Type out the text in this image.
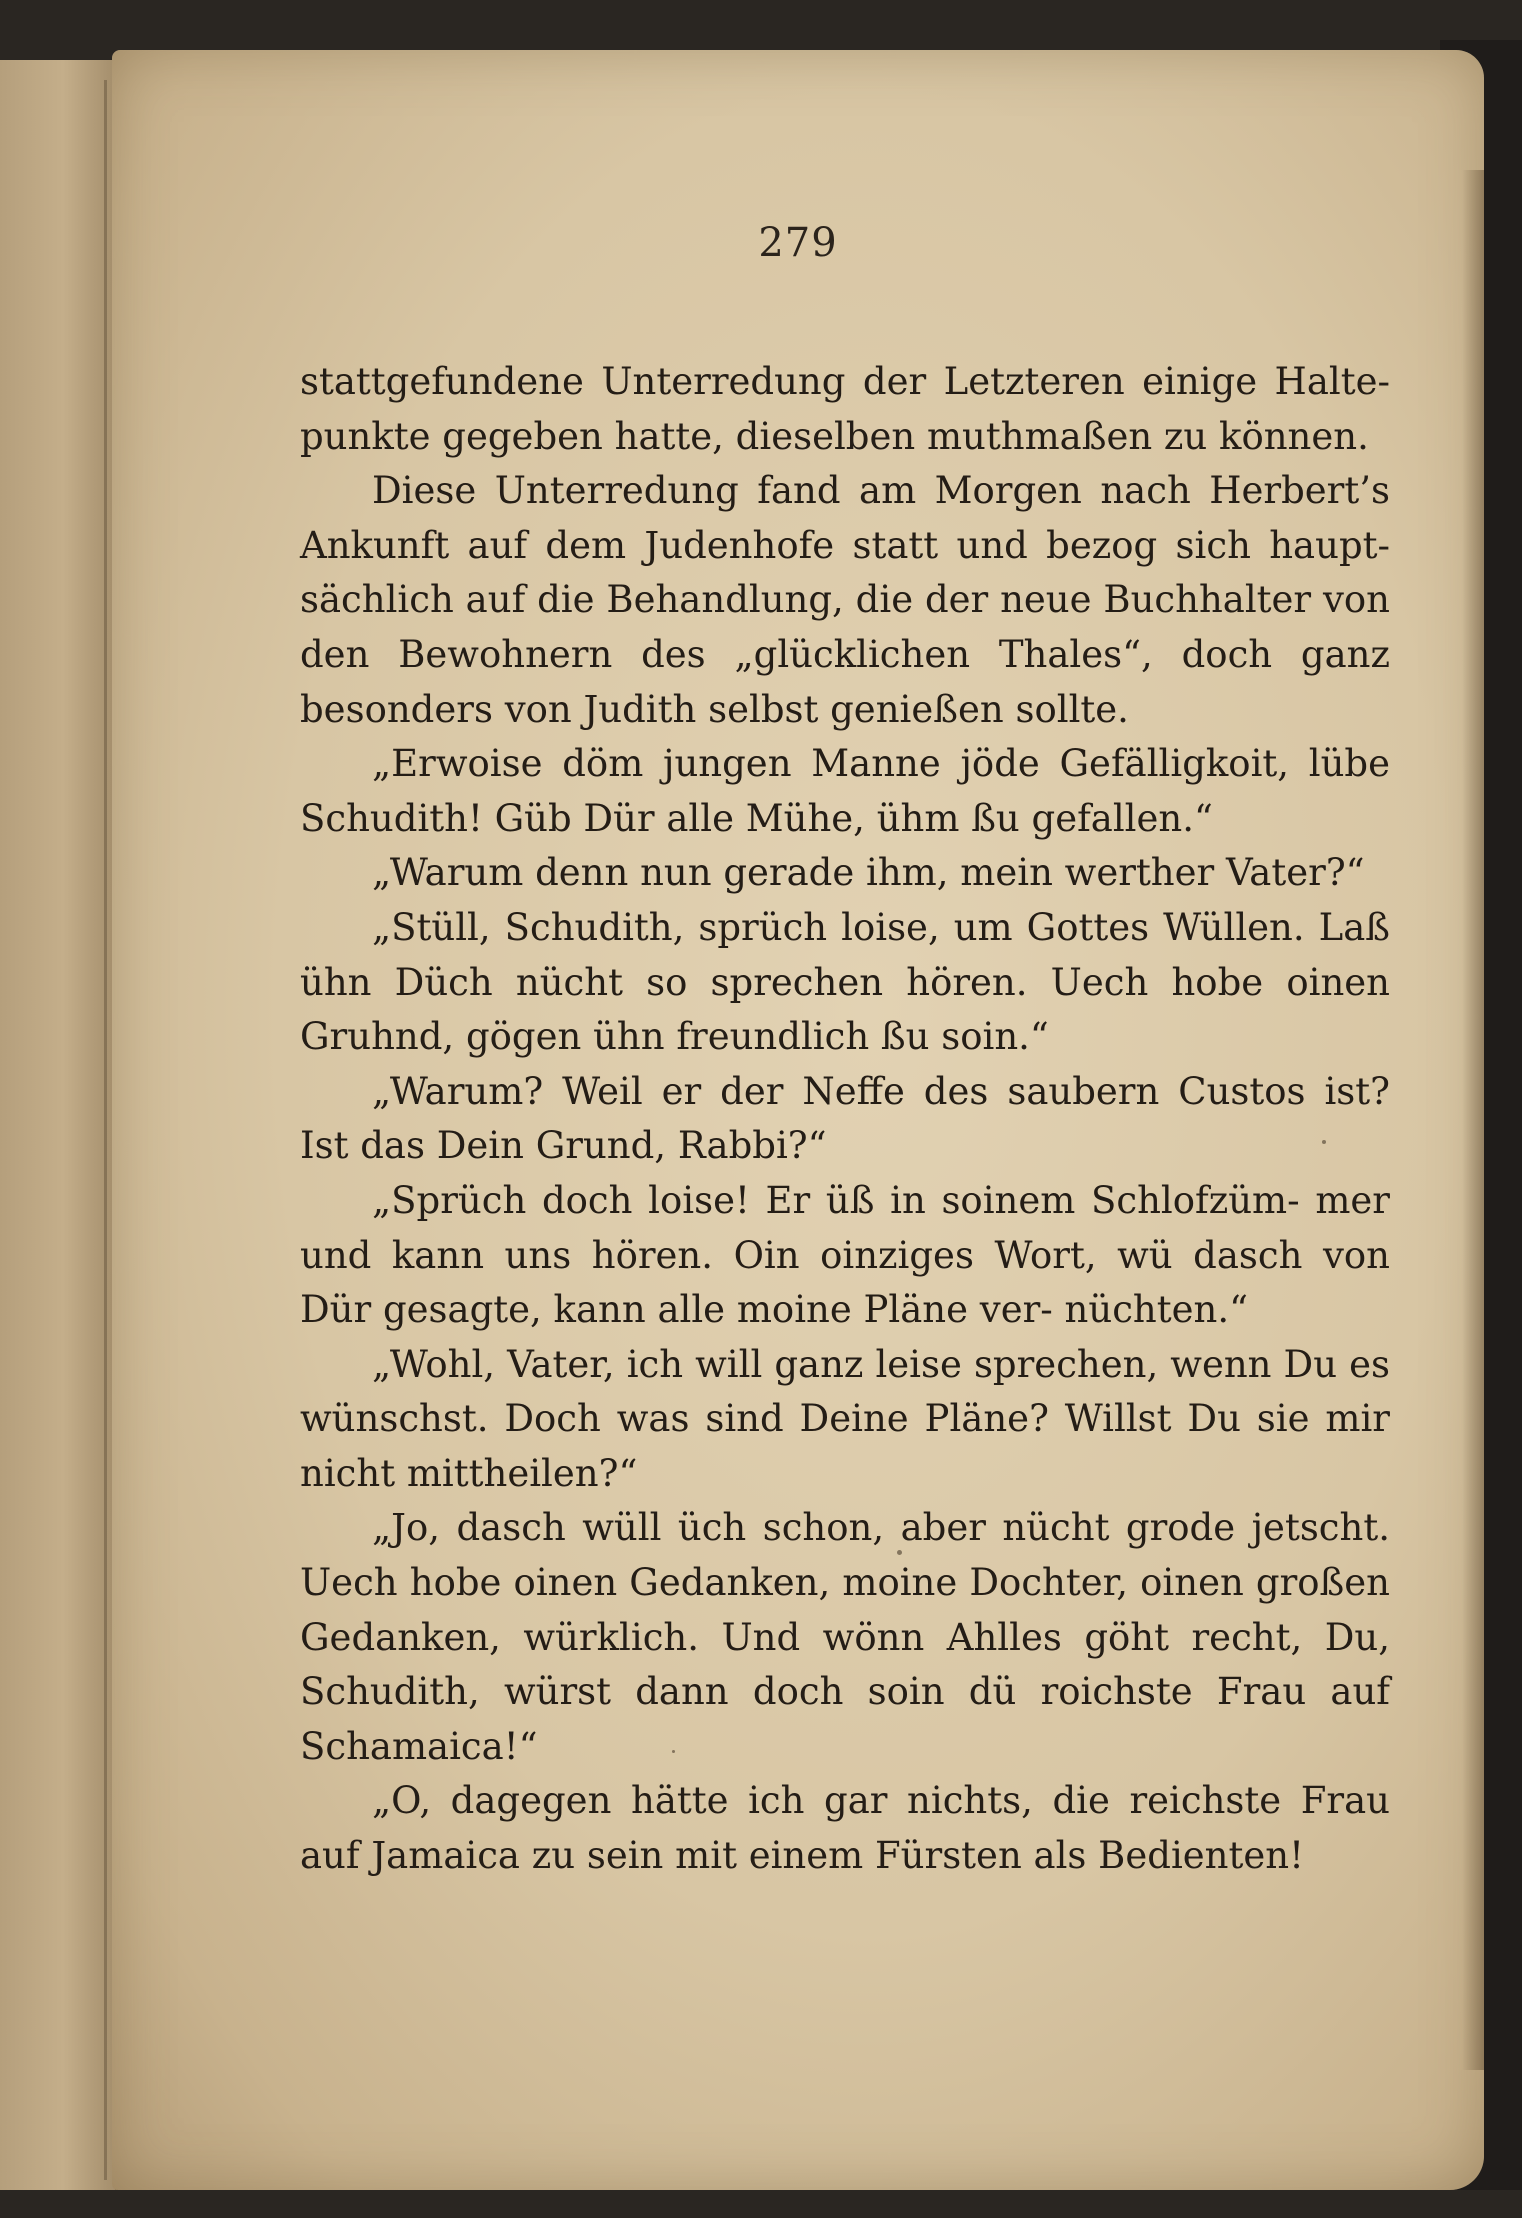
279

stattgefundene Unterredung der Letzteren einige Halte- punkte gegeben hatte, dieselben muthmaßen zu können.

Diese Unterredung fand am Morgen nach Herbert’s Ankunft auf dem Judenhofe statt und bezog sich haupt- sächlich auf die Behandlung, die der neue Buchhalter von den Bewohnern des „glücklichen Thales“, doch ganz besonders von Judith selbst genießen sollte.

„Erwoise döm jungen Manne jöde Gefälligkoit, lübe Schudith! Güb Dür alle Mühe, ühm ßu gefallen.“

„Warum denn nun gerade ihm, mein werther Vater?“

„Stüll, Schudith, sprüch loise, um Gottes Wüllen. Laß ühn Düch nücht so sprechen hören. Uech hobe oinen Gruhnd, gögen ühn freundlich ßu soin.“

„Warum? Weil er der Neffe des saubern Custos ist? Ist das Dein Grund, Rabbi?“

„Sprüch doch loise! Er üß in soinem Schlofzüm- mer und kann uns hören. Oin oinziges Wort, wü dasch von Dür gesagte, kann alle moine Pläne ver- nüchten.“

„Wohl, Vater, ich will ganz leise sprechen, wenn Du es wünschst. Doch was sind Deine Pläne? Willst Du sie mir nicht mittheilen?“

„Jo, dasch wüll üch schon, aber nücht grode jetscht. Uech hobe oinen Gedanken, moine Dochter, oinen großen Gedanken, würklich. Und wönn Ahlles göht recht, Du, Schudith, würst dann doch soin dü roichste Frau auf Schamaica!“

„O, dagegen hätte ich gar nichts, die reichste Frau auf Jamaica zu sein mit einem Fürsten als Bedienten!
